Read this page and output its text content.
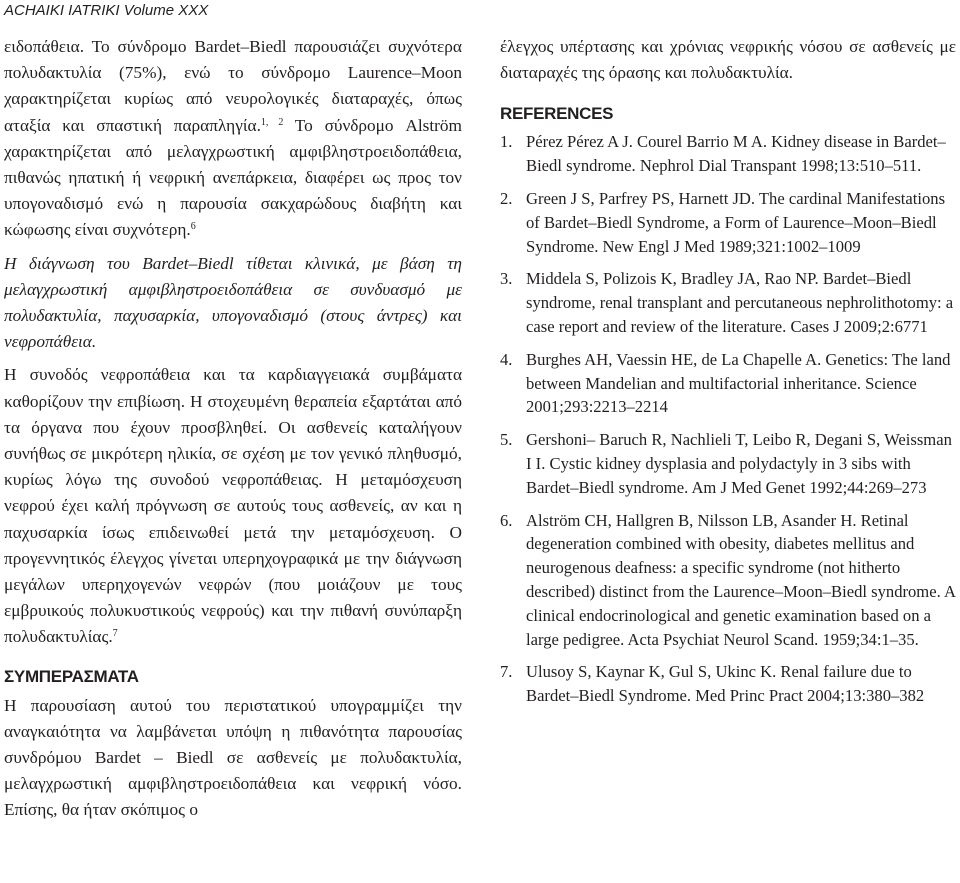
ACHAIKI IATRIKI Volume XXX

ειδοπάθεια. Το σύνδρομο Bardet–Biedl παρουσιάζει συχνότερα πολυδακτυλία (75%), ενώ το σύνδρομο Laurence–Moon χαρακτηρίζεται κυρίως από νευρολογικές διαταραχές, όπως αταξία και σπαστική παραπληγία.$^{1, 2}$ Το σύνδρομο Alström χαρακτηρίζεται από μελαγχρωστική αμφιβληστροειδοπάθεια, πιθανώς ηπατική ή νεφρική ανεπάρκεια, διαφέρει ως προς τον υπογοναδισμό ενώ η παρουσία σακχαρώδους διαβήτη και κώφωσης είναι συχνότερη.$^6$

Η διάγνωση του Bardet–Biedl τίθεται κλινικά, με βάση τη μελαγχρωστική αμφιβληστροειδοπάθεια σε συνδυασμό με πολυδακτυλία, παχυσαρκία, υπογοναδισμό (στους άντρες) και νεφροπάθεια.

Η συνοδός νεφροπάθεια και τα καρδιαγγειακά συμβάματα καθορίζουν την επιβίωση. Η στοχευμένη θεραπεία εξαρτάται από τα όργανα που έχουν προσβληθεί. Οι ασθενείς καταλήγουν συνήθως σε μικρότερη ηλικία, σε σχέση με τον γενικό πληθυσμό, κυρίως λόγω της συνοδού νεφροπάθειας. Η μεταμόσχευση νεφρού έχει καλή πρόγνωση σε αυτούς τους ασθενείς, αν και η παχυσαρκία ίσως επιδεινωθεί μετά την μεταμόσχευση. Ο προγεννητικός έλεγχος γίνεται υπερηχογραφικά με την διάγνωση μεγάλων υπερηχογενών νεφρών (που μοιάζουν με τους εμβρυικούς πολυκυστικούς νεφρούς) και την πιθανή συνύπαρξη πολυδακτυλίας.$^7$

ΣΥΜΠΕΡΑΣΜΑΤΑ

Η παρουσίαση αυτού του περιστατικού υπογραμμίζει την αναγκαιότητα να λαμβάνεται υπόψη η πιθανότητα παρουσίας συνδρόμου Bardet – Biedl σε ασθενείς με πολυδακτυλία, μελαγχρωστική αμφιβληστροειδοπάθεια και νεφρική νόσο. Επίσης, θα ήταν σκόπιμος ο

έλεγχος υπέρτασης και χρόνιας νεφρικής νόσου σε ασθενείς με διαταραχές της όρασης και πολυδακτυλία.

REFERENCES
1. Pérez Pérez A J. Courel Barrio M A. Kidney disease in Bardet–Biedl syndrome. Nephrol Dial Transpant 1998;13:510–511.
2. Green J S, Parfrey PS, Harnett JD. The cardinal Manifestations of Bardet–Biedl Syndrome, a Form of Laurence–Moon–Biedl Syndrome. New Engl J Med 1989;321:1002–1009
3. Middela S, Polizois K, Bradley JA, Rao NP. Bardet–Biedl syndrome, renal transplant and percutaneous nephrolithotomy: a case report and review of the literature. Cases J 2009;2:6771
4. Burghes AH, Vaessin HE, de La Chapelle A. Genetics: The land between Mandelian and multifactorial inheritance. Science 2001;293:2213–2214
5. Gershoni– Baruch R, Nachlieli T, Leibo R, Degani S, Weissman I I. Cystic kidney dysplasia and polydactyly in 3 sibs with Bardet–Biedl syndrome. Am J Med Genet 1992;44:269–273
6. Alström CH, Hallgren B, Nilsson LB, Asander H. Retinal degeneration combined with obesity, diabetes mellitus and neurogenous deafness: a specific syndrome (not hitherto described) distinct from the Laurence–Moon–Biedl syndrome. A clinical endocrinological and genetic examination based on a large pedigree. Acta Psychiat Neurol Scand. 1959;34:1–35.
7. Ulusoy S, Kaynar K, Gul S, Ukinc K. Renal failure due to Bardet–Biedl Syndrome. Med Princ Pract 2004;13:380–382
